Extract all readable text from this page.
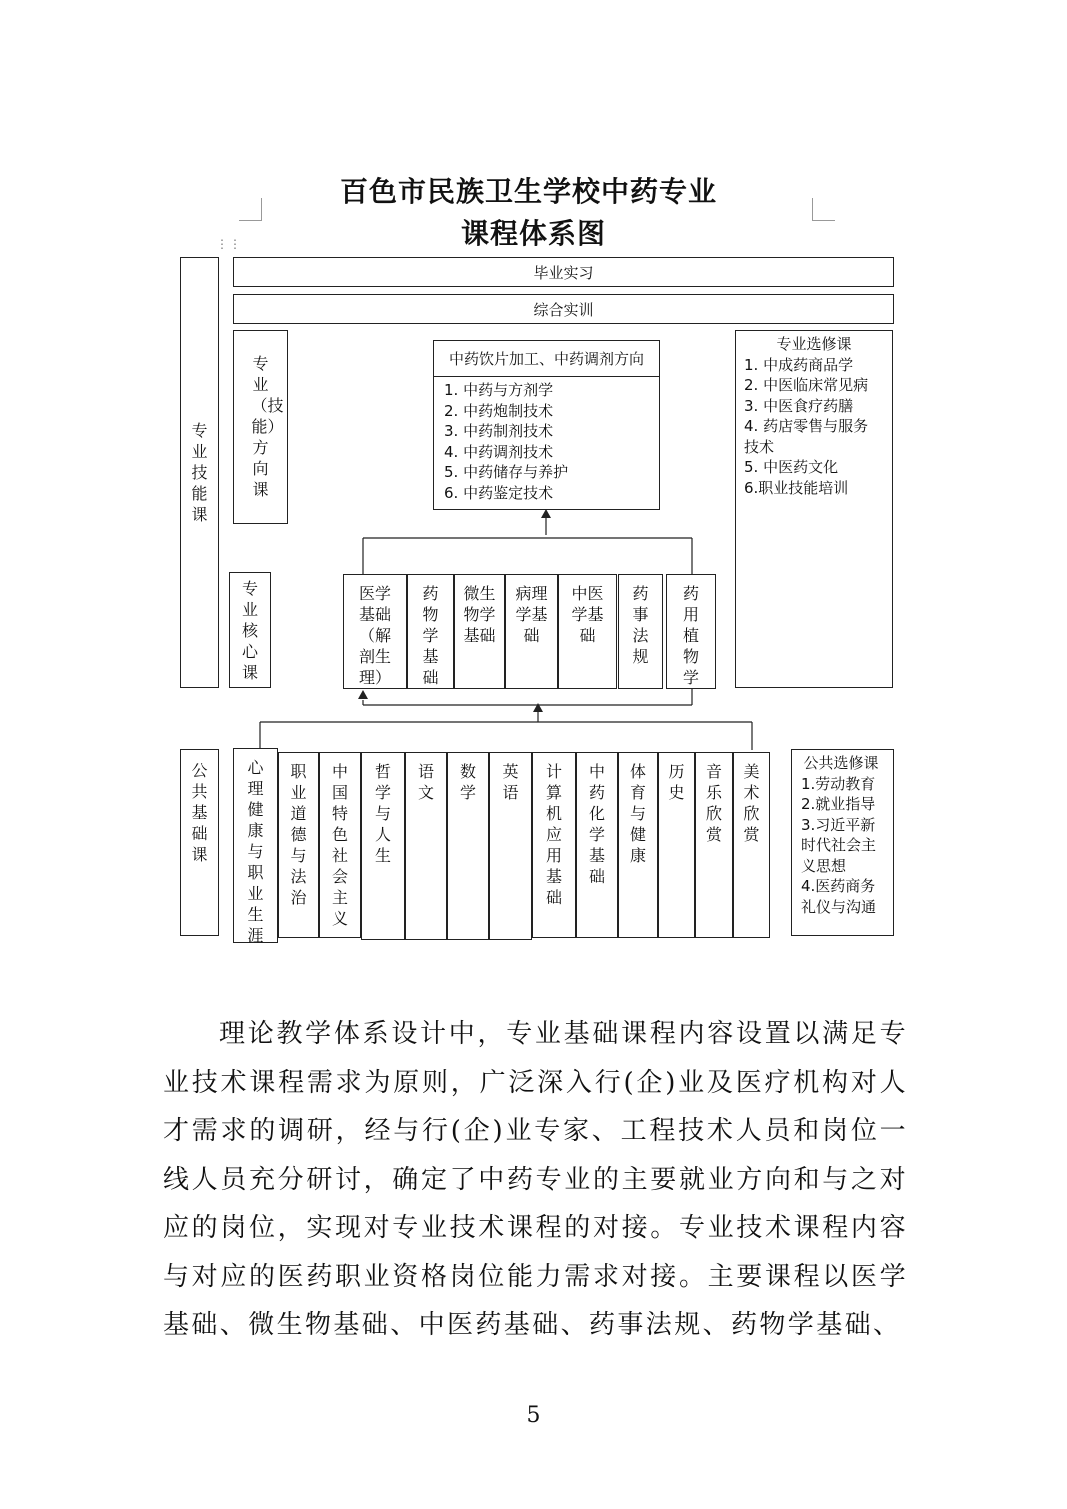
百色市民族卫生学校中药专业
课程体系图
⋮⋮
专业技能课
毕业实习
综合实训
专业（技能）方向课
中药饮片加工、中药调剂方向
1. 中药与方剂学
2. 中药炮制技术
3. 中药制剂技术
4. 中药调剂技术
5. 中药储存与养护
6. 中药鉴定技术
专业选修课
1. 中成药商品学
2. 中医临床常见病
3. 中医食疗药膳
4. 药店零售与服务
技术
5. 中医药文化
6.职业技能培训
专业核心课
医学基础（解剖生理）
药物学基础
微生物学基础
病理学基础
中医学基础
药事法规
药用植物学
公共基础课
心理健康与职业生涯
职业道德与法治
中国特色社会主义
哲学与人生
语文
数学
英语
计算机应用基础
中药化学基础
体育与健康
历史
音乐欣赏
美术欣赏
公共选修课
1.劳动教育
2.就业指导
3.习近平新时代社会主义思想
4.医药商务礼仪与沟通
理论教学体系设计中，专业基础课程内容设置以满足专业技术课程需求为原则，广泛深入行(企)业及医疗机构对人才需求的调研，经与行(企)业专家、工程技术人员和岗位一线人员充分研讨，确定了中药专业的主要就业方向和与之对应的岗位，实现对专业技术课程的对接。专业技术课程内容与对应的医药职业资格岗位能力需求对接。主要课程以医学基础、微生物基础、中医药基础、药事法规、药物学基础、
5
